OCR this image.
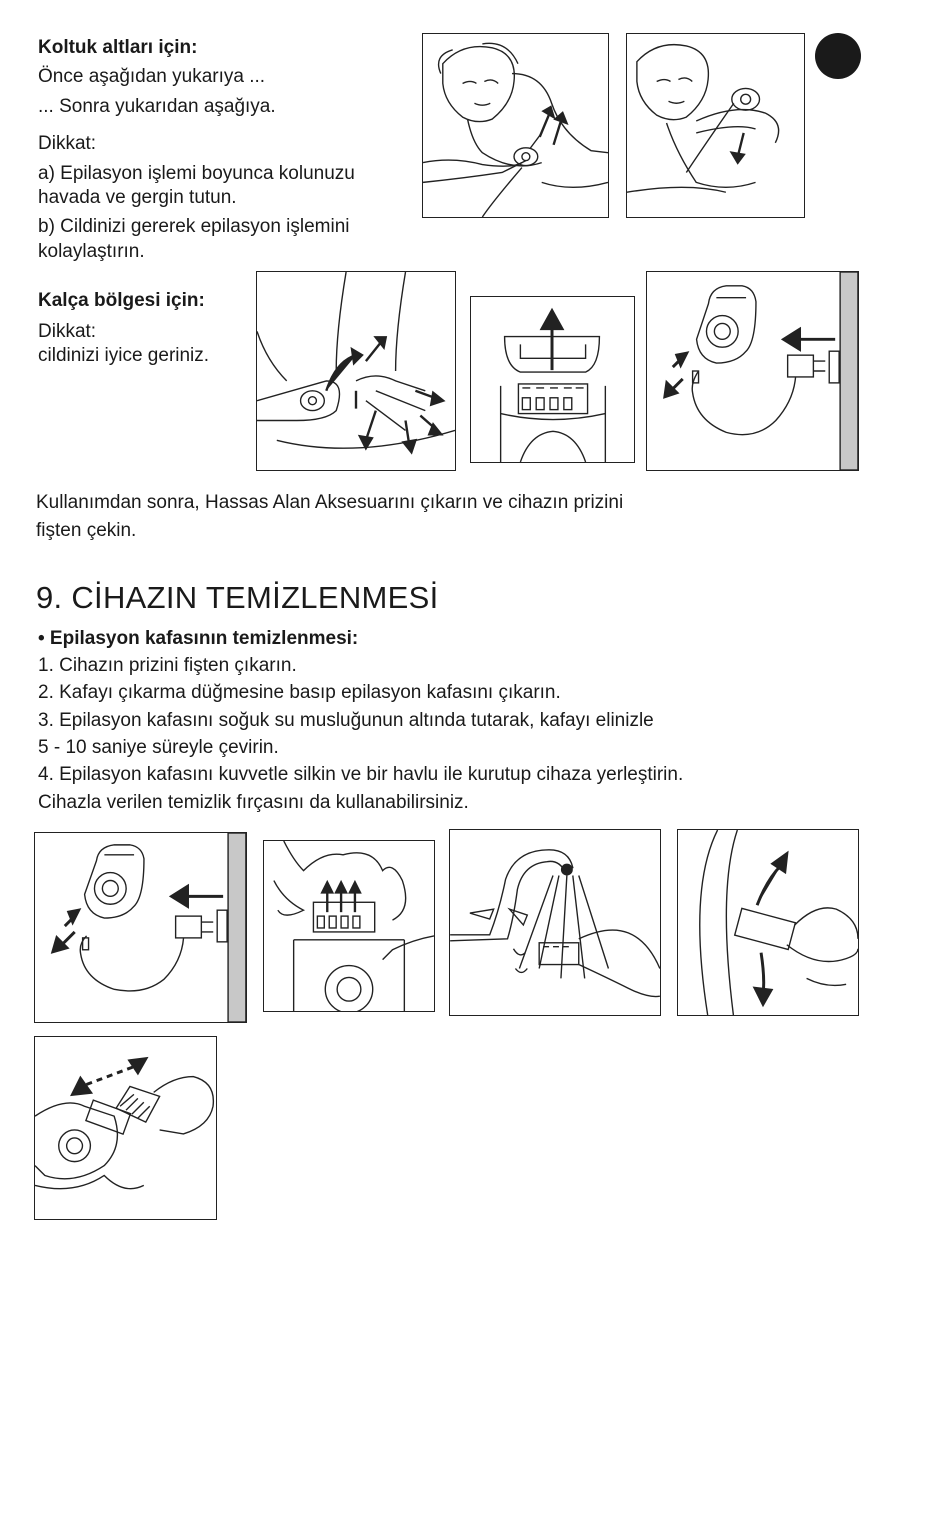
Koltuk altları için:
Önce aşağıdan yukarıya ...
... Sonra yukarıdan aşağıya.
Dikkat:
a) Epilasyon işlemi boyunca kolunuzu
havada ve gergin tutun.
b) Cildinizi gererek epilasyon işlemini
kolaylaştırın.
Kalça bölgesi için:
Dikkat:
cildinizi iyice geriniz.
Kullanımdan sonra, Hassas Alan Aksesuarını çıkarın ve cihazın prizini
fişten çekin.
9. CİHAZIN TEMİZLENMESİ
• Epilasyon kafasının temizlenmesi:
1. Cihazın prizini fişten çıkarın.
2. Kafayı çıkarma düğmesine basıp epilasyon kafasını çıkarın.
3. Epilasyon kafasını soğuk su musluğunun altında tutarak, kafayı elinizle
5 - 10 saniye süreyle çevirin.
4. Epilasyon kafasını kuvvetle silkin ve bir havlu ile kurutup cihaza yerleştirin.
Cihazla verilen temizlik fırçasını da kullanabilirsiniz.
